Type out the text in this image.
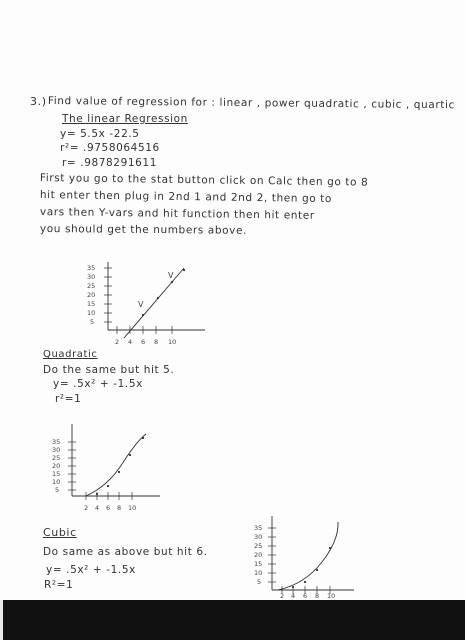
3.) Find value of regression for : linear , power quadratic , cubic , quartic
The linear Regression
y= 5.5x -22.5
r²= .9758064516
r= .9878291611
First you go to the stat button click on Calc then go to 8
hit enter then plug in 2nd 1 and 2nd 2, then go to
vars then Y-vars and hit function then hit enter
you should get the numbers above.
35
30
25
20
15
10
5
2 4 6 8 10
V
V
Quadratic
Do the same but hit 5.
y= .5x² + -1.5x
r²=1
35
30
25
20
15
10
5
2 4 6 8 10
Cubic
Do same as above but hit 6.
y= .5x² + -1.5x
R²=1
35
30
25
20
15
10
5
2 4 6 8 10
